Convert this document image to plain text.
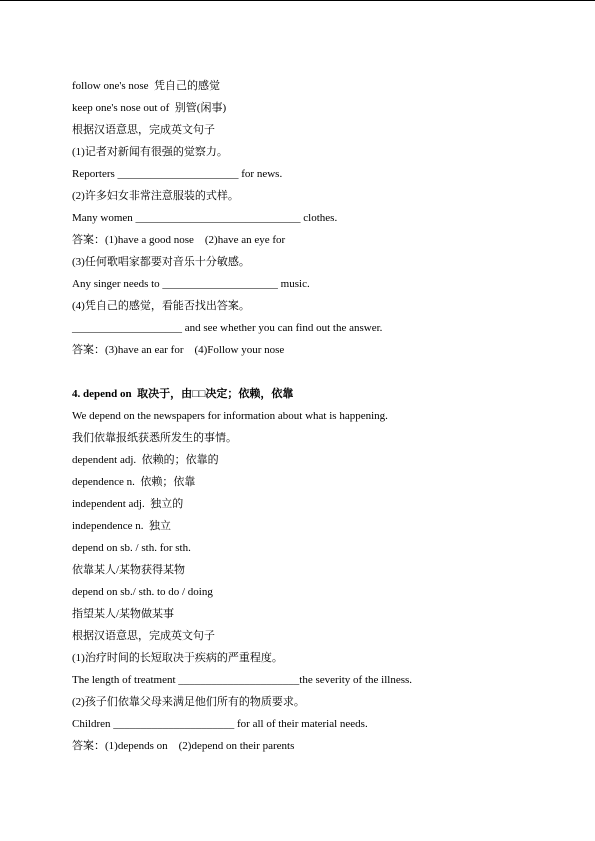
follow one's nose  凭自己的感觉
keep one's nose out of  别管(闲事)
根据汉语意思，完成英文句子
(1)记者对新闻有很强的觉察力。
Reporters ______________________ for news.
(2)许多妇女非常注意服装的式样。
Many women ______________________________ clothes.
答案：(1)have a good nose    (2)have an eye for
(3)任何歌唱家都要对音乐十分敏感。
Any singer needs to _____________________ music.
(4)凭自己的感觉，看能否找出答案。
____________________ and see whether you can find out the answer.
答案：(3)have an ear for    (4)Follow your nose
4. depend on  取决于，由□□决定；依赖，依靠
We depend on the newspapers for information about what is happening.
我们依靠报纸获悉所发生的事情。
dependent adj.  依赖的；依靠的
dependence n.  依赖；依靠
independent adj.  独立的
independence n.  独立
depend on sb. / sth. for sth.
依靠某人/某物获得某物
depend on sb./ sth. to do / doing
指望某人/某物做某事
根据汉语意思，完成英文句子
(1)治疗时间的长短取决于疾病的严重程度。
The length of treatment ______________________the severity of the illness.
(2)孩子们依靠父母来满足他们所有的物质要求。
Children ______________________ for all of their material needs.
答案：(1)depends on    (2)depend on their parents
